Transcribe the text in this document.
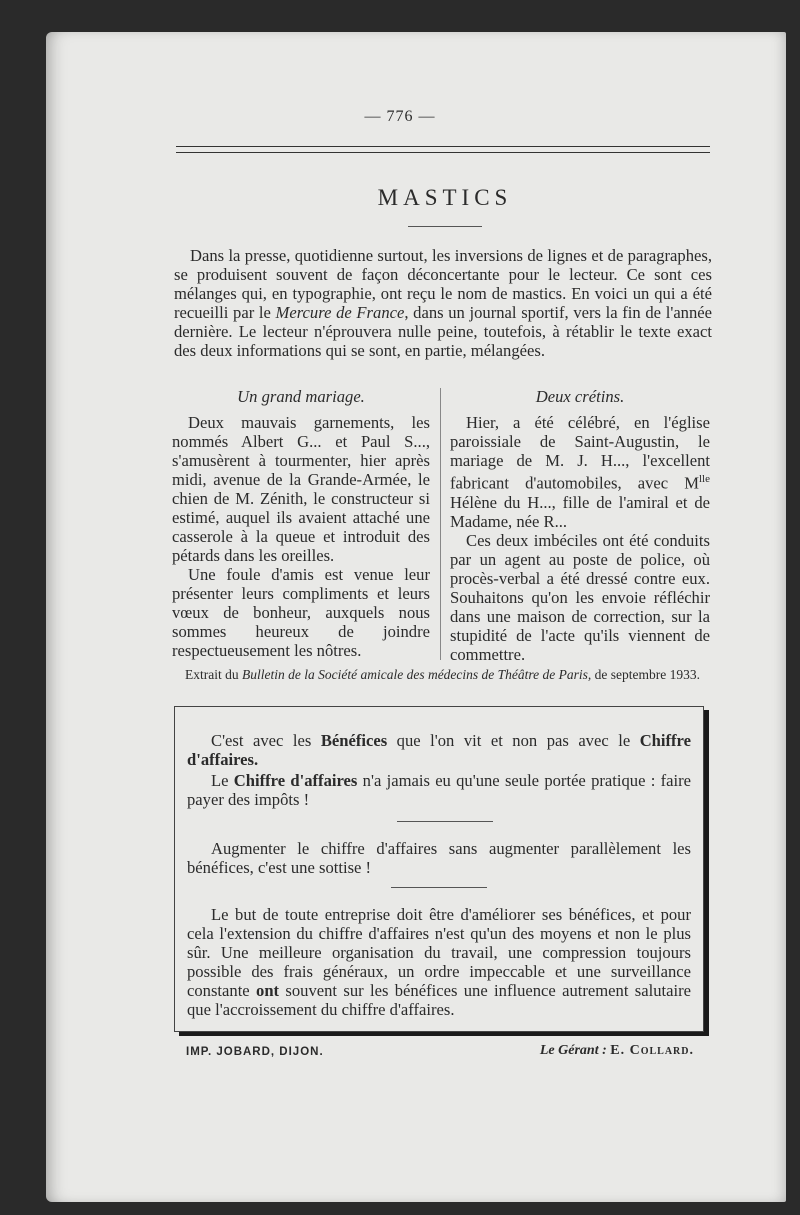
— 776 —
MASTICS

Dans la presse, quotidienne surtout, les inversions de lignes et de paragraphes, se produisent souvent de façon déconcertante pour le lecteur. Ce sont ces mélanges qui, en typographie, ont reçu le nom de mastics. En voici un qui a été recueilli par le Mercure de France, dans un journal sportif, vers la fin de l'année dernière. Le lecteur n'éprouvera nulle peine, toutefois, à rétablir le texte exact des deux informations qui se sont, en partie, mélangées.

Un grand mariage.

Deux mauvais garnements, les nommés Albert G... et Paul S..., s'amusèrent à tourmenter, hier après midi, avenue de la Grande-Armée, le chien de M. Zénith, le constructeur si estimé, auquel ils avaient attaché une casserole à la queue et introduit des pétards dans les oreilles.

Une foule d'amis est venue leur présenter leurs compliments et leurs vœux de bonheur, auxquels nous sommes heureux de joindre respectueusement les nôtres.

Deux crétins.

Hier, a été célébré, en l'église paroissiale de Saint-Augustin, le mariage de M. J. H..., l'excellent fabricant d'automobiles, avec $M^{lle}$ Hélène du H..., fille de l'amiral et de Madame, née R...

Ces deux imbéciles ont été conduits par un agent au poste de police, où procès-verbal a été dressé contre eux. Souhaitons qu'on les envoie réfléchir dans une maison de correction, sur la stupidité de l'acte qu'ils viennent de commettre.

Extrait du Bulletin de la Société amicale des médecins de Théâtre de Paris, de septembre 1933.

C'est avec les Bénéfices que l'on vit et non pas avec le Chiffre d'affaires.

Le Chiffre d'affaires n'a jamais eu qu'une seule portée pratique : faire payer des impôts !

Augmenter le chiffre d'affaires sans augmenter parallèlement les bénéfices, c'est une sottise !

Le but de toute entreprise doit être d'améliorer ses bénéfices, et pour cela l'extension du chiffre d'affaires n'est qu'un des moyens et non le plus sûr. Une meilleure organisation du travail, une compression toujours possible des frais généraux, un ordre impeccable et une surveillance constante ont souvent sur les bénéfices une influence autrement salutaire que l'accroissement du chiffre d'affaires.

IMP. JOBARD, DIJON.	Le Gérant : E. Collard.
